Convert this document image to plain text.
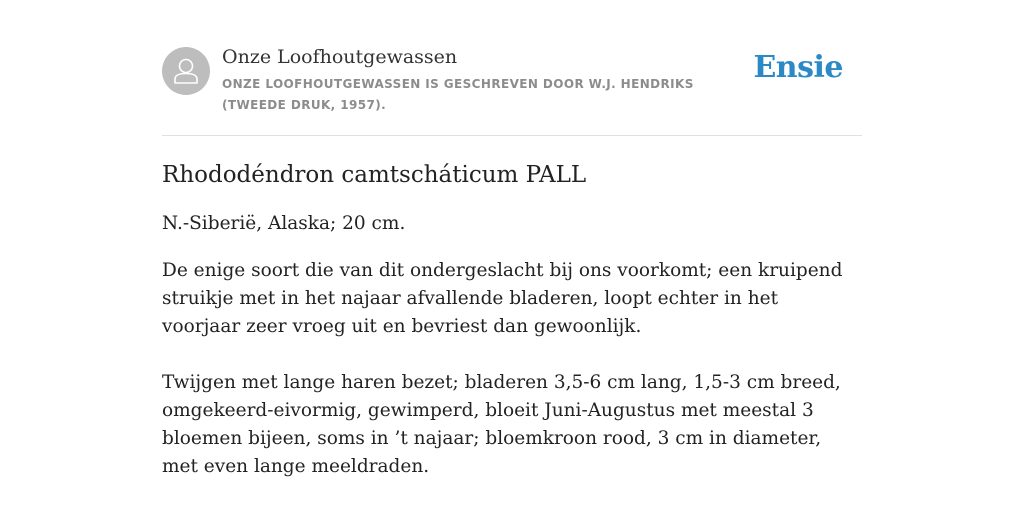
Onze Loofhoutgewassen
ONZE LOOFHOUTGEWASSEN IS GESCHREVEN DOOR W.J. HENDRIKS (TWEEDE DRUK, 1957).
Ensie
Rhododéndron camtscháticum PALL

N.-Siberië, Alaska; 20 cm.

De enige soort die van dit ondergeslacht bij ons voorkomt; een kruipend struikje met in het najaar afvallende bladeren, loopt echter in het voorjaar zeer vroeg uit en bevriest dan gewoonlijk.

Twijgen met lange haren bezet; bladeren 3,5-6 cm lang, 1,5-3 cm breed, omgekeerd-eivormig, gewimperd, bloeit Juni-Augustus met meestal 3 bloemen bijeen, soms in ’t najaar; bloemkroon rood, 3 cm in diameter, met even lange meeldraden.
